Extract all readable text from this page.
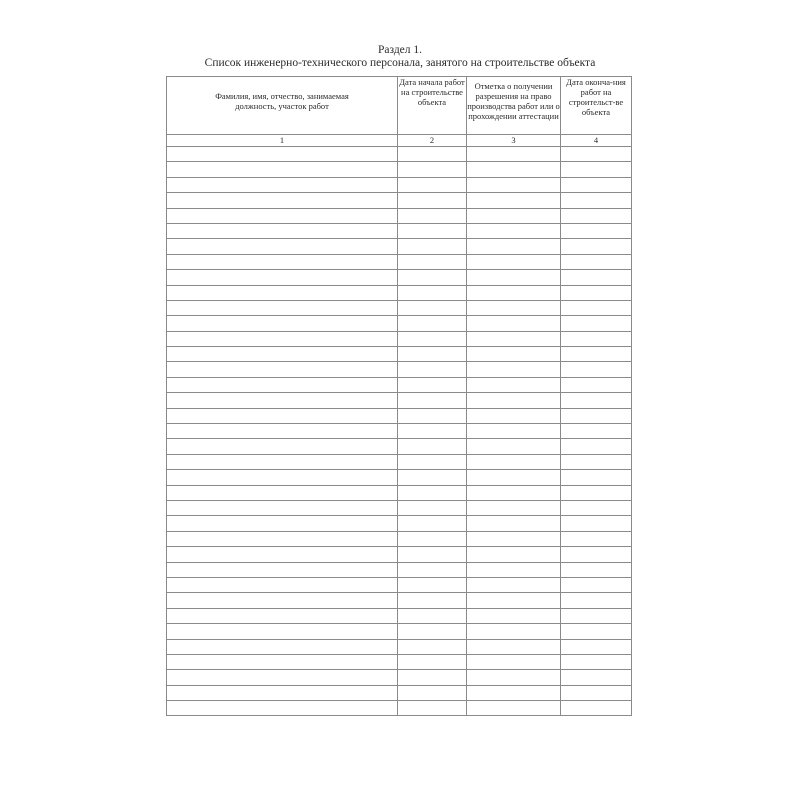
Раздел 1.
Список инженерно-технического персонала, занятого на строительстве объекта
Фамилия, имя, отчество, занимаемая должность, участок работ	Дата начала работ на строительстве объекта	Отметка о получении разрешения на право производства работ или о прохождении аттестации	Дата оконча-ния работ на строительст-ве объекта
1	2	3	4
